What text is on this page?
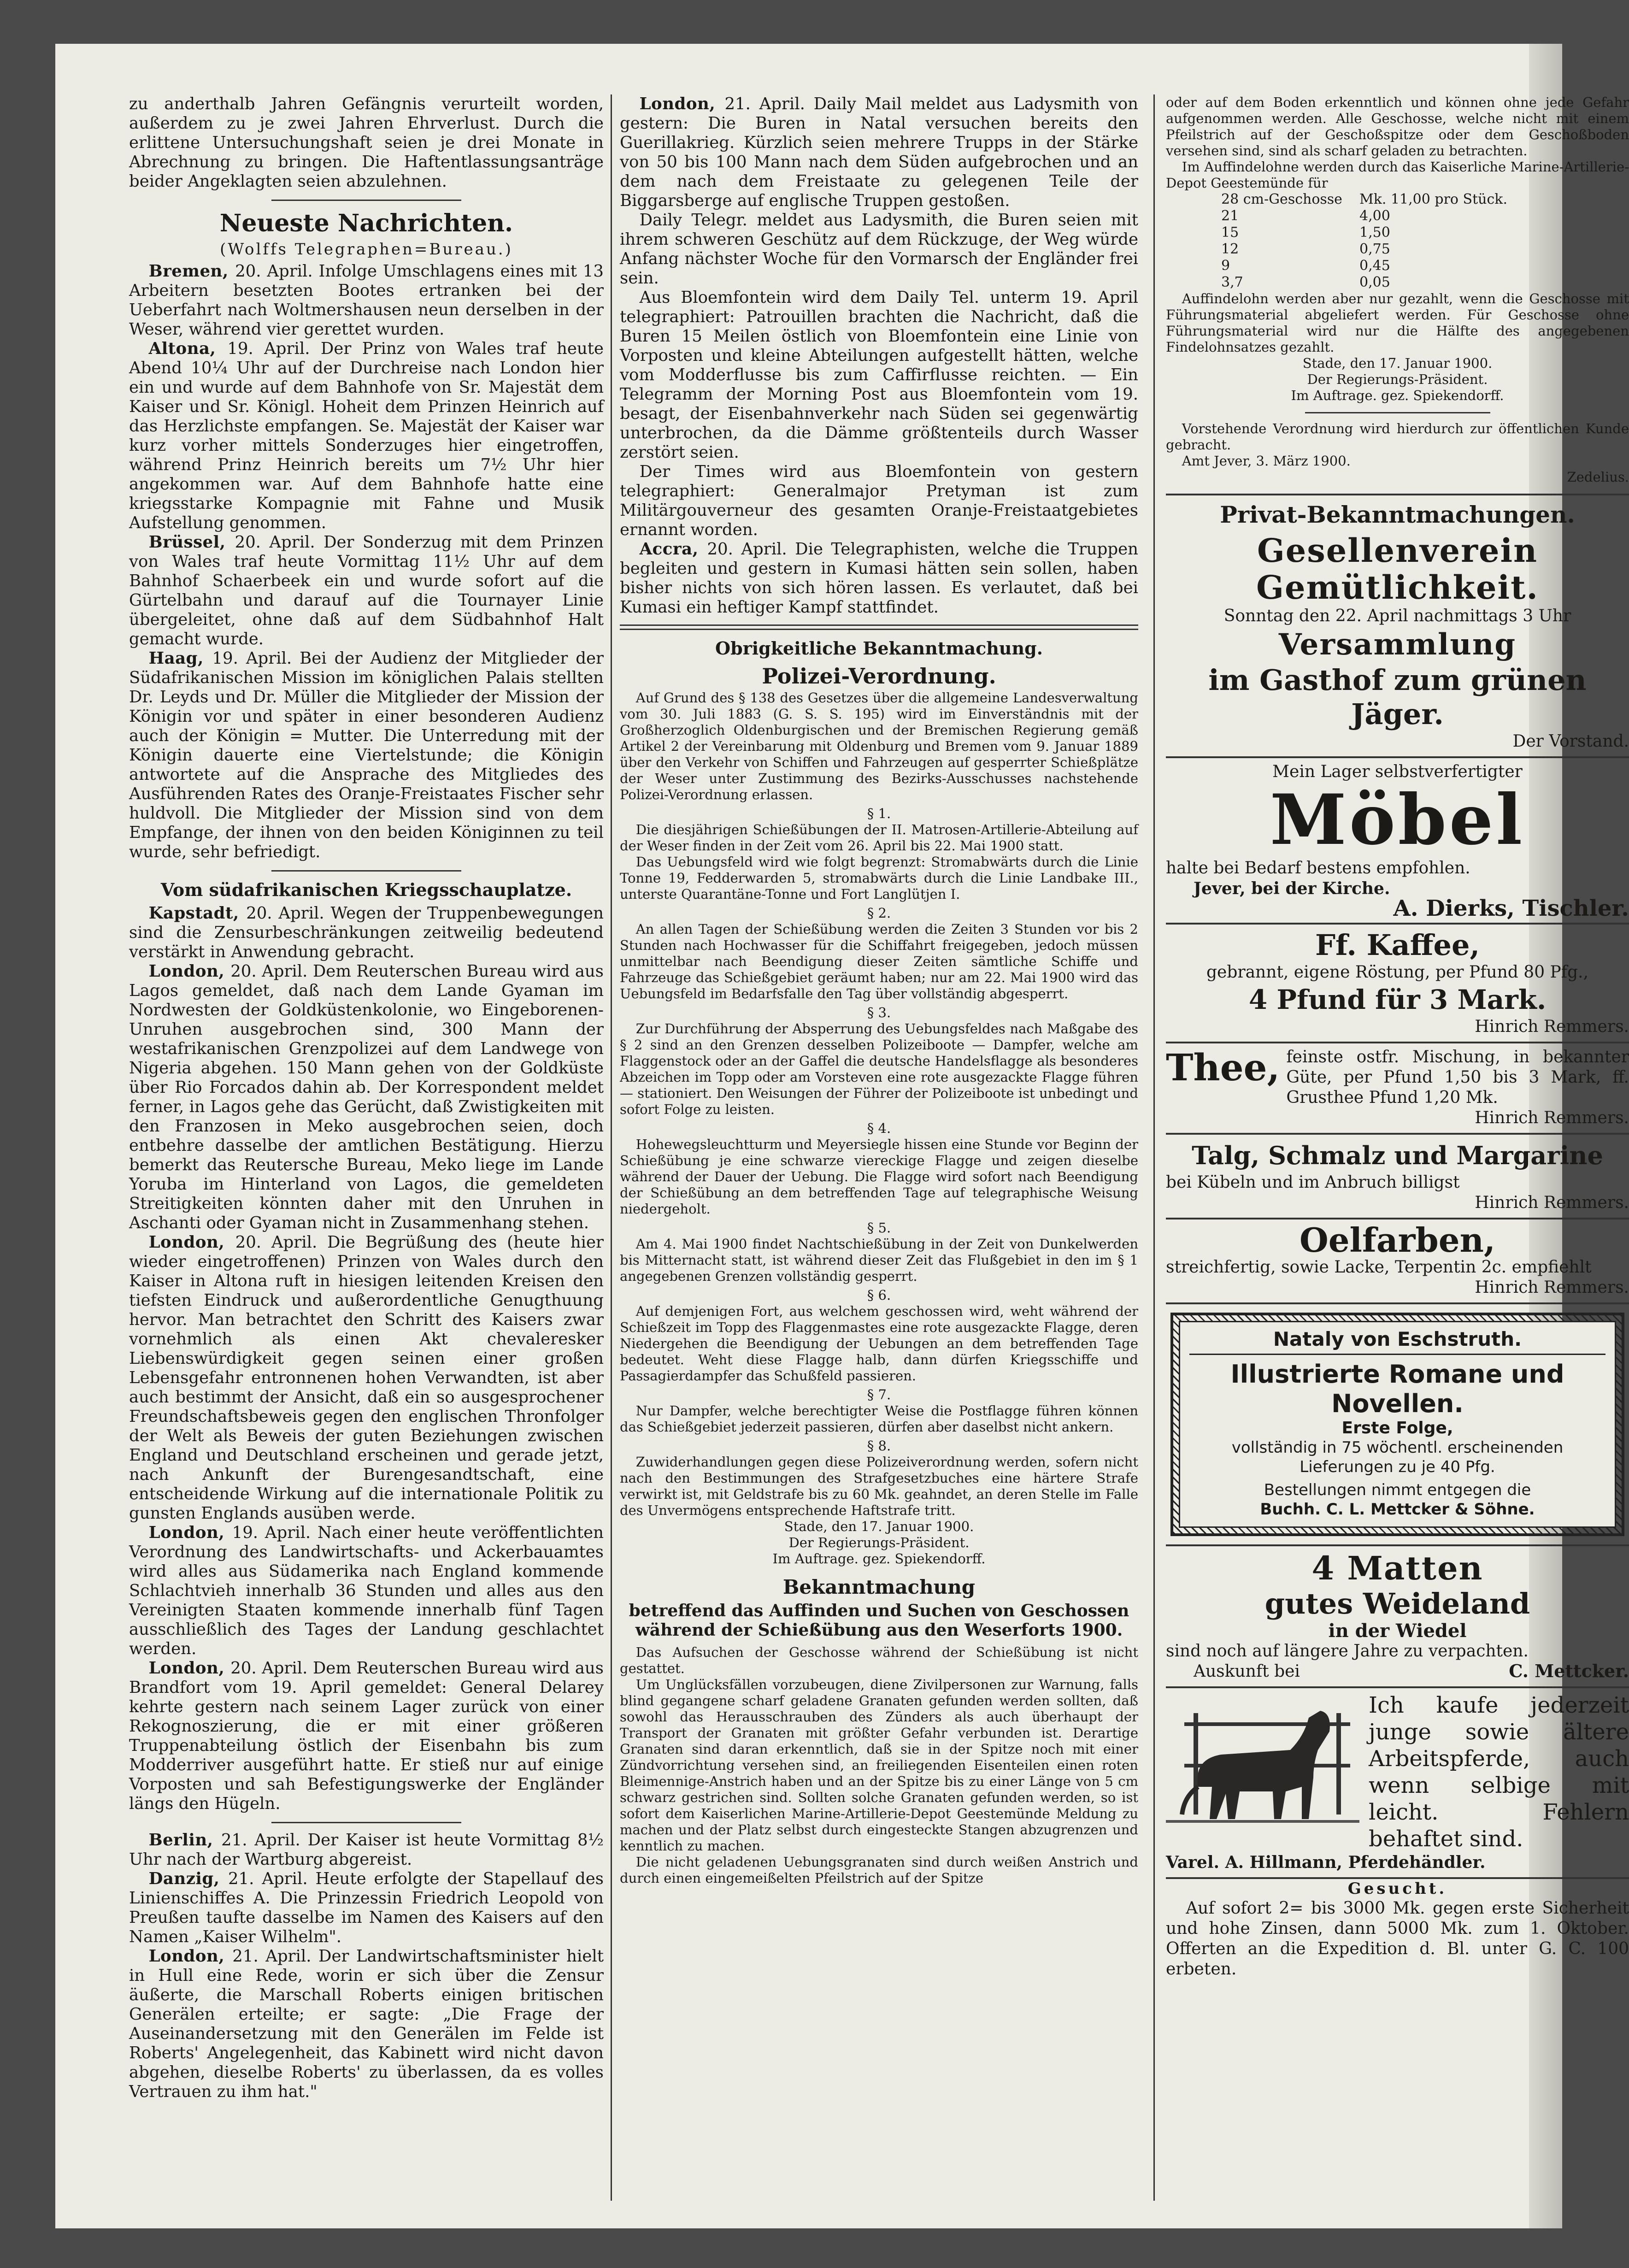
zu anderthalb Jahren Gefängnis verurteilt worden, außerdem zu je zwei Jahren Ehrverlust. Durch die erlittene Untersuchungshaft seien je drei Monate in Abrechnung zu bringen. Die Haftentlassungsanträge beider Angeklagten seien abzulehnen.

Neueste Nachrichten.
(Wolffs Telegraphen=Bureau.)

Bremen, 20. April. Infolge Umschlagens eines mit 13 Arbeitern besetzten Bootes ertranken bei der Ueberfahrt nach Woltmershausen neun derselben in der Weser, während vier gerettet wurden.

Altona, 19. April. Der Prinz von Wales traf heute Abend 10¼ Uhr auf der Durchreise nach London hier ein und wurde auf dem Bahnhofe von Sr. Majestät dem Kaiser und Sr. Königl. Hoheit dem Prinzen Heinrich auf das Herzlichste empfangen. Se. Majestät der Kaiser war kurz vorher mittels Sonderzuges hier eingetroffen, während Prinz Heinrich bereits um 7½ Uhr hier angekommen war. Auf dem Bahnhofe hatte eine kriegsstarke Kompagnie mit Fahne und Musik Aufstellung genommen.

Brüssel, 20. April. Der Sonderzug mit dem Prinzen von Wales traf heute Vormittag 11½ Uhr auf dem Bahnhof Schaerbeek ein und wurde sofort auf die Gürtelbahn und darauf auf die Tournayer Linie übergeleitet, ohne daß auf dem Südbahnhof Halt gemacht wurde.

Haag, 19. April. Bei der Audienz der Mitglieder der Südafrikanischen Mission im königlichen Palais stellten Dr. Leyds und Dr. Müller die Mitglieder der Mission der Königin vor und später in einer besonderen Audienz auch der Königin = Mutter. Die Unterredung mit der Königin dauerte eine Viertelstunde; die Königin antwortete auf die Ansprache des Mitgliedes des Ausführenden Rates des Oranje-Freistaates Fischer sehr huldvoll. Die Mitglieder der Mission sind von dem Empfange, der ihnen von den beiden Königinnen zu teil wurde, sehr befriedigt.

Vom südafrikanischen Kriegsschauplatze.

Kapstadt, 20. April. Wegen der Truppenbewegungen sind die Zensurbeschränkungen zeitweilig bedeutend verstärkt in Anwendung gebracht.

London, 20. April. Dem Reuterschen Bureau wird aus Lagos gemeldet, daß nach dem Lande Gyaman im Nordwesten der Goldküstenkolonie, wo Eingeborenen-Unruhen ausgebrochen sind, 300 Mann der westafrikanischen Grenzpolizei auf dem Landwege von Nigeria abgehen. 150 Mann gehen von der Goldküste über Rio Forcados dahin ab. Der Korrespondent meldet ferner, in Lagos gehe das Gerücht, daß Zwistigkeiten mit den Franzosen in Meko ausgebrochen seien, doch entbehre dasselbe der amtlichen Bestätigung. Hierzu bemerkt das Reutersche Bureau, Meko liege im Lande Yoruba im Hinterland von Lagos, die gemeldeten Streitigkeiten könnten daher mit den Unruhen in Aschanti oder Gyaman nicht in Zusammenhang stehen.

London, 20. April. Die Begrüßung des (heute hier wieder eingetroffenen) Prinzen von Wales durch den Kaiser in Altona ruft in hiesigen leitenden Kreisen den tiefsten Eindruck und außerordentliche Genugthuung hervor. Man betrachtet den Schritt des Kaisers zwar vornehmlich als einen Akt chevaleresker Liebenswürdigkeit gegen seinen einer großen Lebensgefahr entronnenen hohen Verwandten, ist aber auch bestimmt der Ansicht, daß ein so ausgesprochener Freundschaftsbeweis gegen den englischen Thronfolger der Welt als Beweis der guten Beziehungen zwischen England und Deutschland erscheinen und gerade jetzt, nach Ankunft der Burengesandtschaft, eine entscheidende Wirkung auf die internationale Politik zu gunsten Englands ausüben werde.

London, 19. April. Nach einer heute veröffentlichten Verordnung des Landwirtschafts- und Ackerbauamtes wird alles aus Südamerika nach England kommende Schlachtvieh innerhalb 36 Stunden und alles aus den Vereinigten Staaten kommende innerhalb fünf Tagen ausschließlich des Tages der Landung geschlachtet werden.

London, 20. April. Dem Reuterschen Bureau wird aus Brandfort vom 19. April gemeldet: General Delarey kehrte gestern nach seinem Lager zurück von einer Rekognoszierung, die er mit einer größeren Truppenabteilung östlich der Eisenbahn bis zum Modderriver ausgeführt hatte. Er stieß nur auf einige Vorposten und sah Befestigungswerke der Engländer längs den Hügeln.

Berlin, 21. April. Der Kaiser ist heute Vormittag 8½ Uhr nach der Wartburg abgereist.

Danzig, 21. April. Heute erfolgte der Stapellauf des Linienschiffes A. Die Prinzessin Friedrich Leopold von Preußen taufte dasselbe im Namen des Kaisers auf den Namen „Kaiser Wilhelm".

London, 21. April. Der Landwirtschaftsminister hielt in Hull eine Rede, worin er sich über die Zensur äußerte, die Marschall Roberts einigen britischen Generälen erteilte; er sagte: „Die Frage der Auseinandersetzung mit den Generälen im Felde ist Roberts' Angelegenheit, das Kabinett wird nicht davon abgehen, dieselbe Roberts' zu überlassen, da es volles Vertrauen zu ihm hat."

London, 21. April. Daily Mail meldet aus Ladysmith von gestern: Die Buren in Natal versuchen bereits den Guerillakrieg. Kürzlich seien mehrere Trupps in der Stärke von 50 bis 100 Mann nach dem Süden aufgebrochen und an dem nach dem Freistaate zu gelegenen Teile der Biggarsberge auf englische Truppen gestoßen.

Daily Telegr. meldet aus Ladysmith, die Buren seien mit ihrem schweren Geschütz auf dem Rückzuge, der Weg würde Anfang nächster Woche für den Vormarsch der Engländer frei sein.

Aus Bloemfontein wird dem Daily Tel. unterm 19. April telegraphiert: Patrouillen brachten die Nachricht, daß die Buren 15 Meilen östlich von Bloemfontein eine Linie von Vorposten und kleine Abteilungen aufgestellt hätten, welche vom Modderflusse bis zum Caffirflusse reichten. — Ein Telegramm der Morning Post aus Bloemfontein vom 19. besagt, der Eisenbahnverkehr nach Süden sei gegenwärtig unterbrochen, da die Dämme größtenteils durch Wasser zerstört seien.

Der Times wird aus Bloemfontein von gestern telegraphiert: Generalmajor Pretyman ist zum Militärgouverneur des gesamten Oranje-Freistaatgebietes ernannt worden.

Accra, 20. April. Die Telegraphisten, welche die Truppen begleiten und gestern in Kumasi hätten sein sollen, haben bisher nichts von sich hören lassen. Es verlautet, daß bei Kumasi ein heftiger Kampf stattfindet.

Obrigkeitliche Bekanntmachung.
Polizei-Verordnung.

Auf Grund des § 138 des Gesetzes über die allgemeine Landesverwaltung vom 30. Juli 1883 (G. S. S. 195) wird im Einverständnis mit der Großherzoglich Oldenburgischen und der Bremischen Regierung gemäß Artikel 2 der Vereinbarung mit Oldenburg und Bremen vom 9. Januar 1889 über den Verkehr von Schiffen und Fahrzeugen auf gesperrter Schießplätze der Weser unter Zustimmung des Bezirks-Ausschusses nachstehende Polizei-Verordnung erlassen.

§ 1.

Die diesjährigen Schießübungen der II. Matrosen-Artillerie-Abteilung auf der Weser finden in der Zeit vom 26. April bis 22. Mai 1900 statt.

Das Uebungsfeld wird wie folgt begrenzt: Stromabwärts durch die Linie Tonne 19, Fedderwarden 5, stromabwärts durch die Linie Landbake III., unterste Quarantäne-Tonne und Fort Langlütjen I.

§ 2.

An allen Tagen der Schießübung werden die Zeiten 3 Stunden vor bis 2 Stunden nach Hochwasser für die Schiffahrt freigegeben, jedoch müssen unmittelbar nach Beendigung dieser Zeiten sämtliche Schiffe und Fahrzeuge das Schießgebiet geräumt haben; nur am 22. Mai 1900 wird das Uebungsfeld im Bedarfsfalle den Tag über vollständig abgesperrt.

§ 3.

Zur Durchführung der Absperrung des Uebungsfeldes nach Maßgabe des § 2 sind an den Grenzen desselben Polizeiboote — Dampfer, welche am Flaggenstock oder an der Gaffel die deutsche Handelsflagge als besonderes Abzeichen im Topp oder am Vorsteven eine rote ausgezackte Flagge führen — stationiert. Den Weisungen der Führer der Polizeiboote ist unbedingt und sofort Folge zu leisten.

§ 4.

Hohewegsleuchtturm und Meyersiegle hissen eine Stunde vor Beginn der Schießübung je eine schwarze viereckige Flagge und zeigen dieselbe während der Dauer der Uebung. Die Flagge wird sofort nach Beendigung der Schießübung an dem betreffenden Tage auf telegraphische Weisung niedergeholt.

§ 5.

Am 4. Mai 1900 findet Nachtschießübung in der Zeit von Dunkelwerden bis Mitternacht statt, ist während dieser Zeit das Flußgebiet in den im § 1 angegebenen Grenzen vollständig gesperrt.

§ 6.

Auf demjenigen Fort, aus welchem geschossen wird, weht während der Schießzeit im Topp des Flaggenmastes eine rote ausgezackte Flagge, deren Niedergehen die Beendigung der Uebungen an dem betreffenden Tage bedeutet. Weht diese Flagge halb, dann dürfen Kriegsschiffe und Passagierdampfer das Schußfeld passieren.

§ 7.

Nur Dampfer, welche berechtigter Weise die Postflagge führen können das Schießgebiet jederzeit passieren, dürfen aber daselbst nicht ankern.

§ 8.

Zuwiderhandlungen gegen diese Polizeiverordnung werden, sofern nicht nach den Bestimmungen des Strafgesetzbuches eine härtere Strafe verwirkt ist, mit Geldstrafe bis zu 60 Mk. geahndet, an deren Stelle im Falle des Unvermögens entsprechende Haftstrafe tritt.

Stade, den 17. Januar 1900.

Der Regierungs-Präsident.

Im Auftrage. gez. Spiekendorff.

Bekanntmachung
betreffend das Auffinden und Suchen von Geschossen während der Schießübung aus den Weserforts 1900.

Das Aufsuchen der Geschosse während der Schießübung ist nicht gestattet.

Um Unglücksfällen vorzubeugen, diene Zivilpersonen zur Warnung, falls blind gegangene scharf geladene Granaten gefunden werden sollten, daß sowohl das Herausschrauben des Zünders als auch überhaupt der Transport der Granaten mit größter Gefahr verbunden ist. Derartige Granaten sind daran erkenntlich, daß sie in der Spitze noch mit einer Zündvorrichtung versehen sind, an freiliegenden Eisenteilen einen roten Bleimennige-Anstrich haben und an der Spitze bis zu einer Länge von 5 cm schwarz gestrichen sind. Sollten solche Granaten gefunden werden, so ist sofort dem Kaiserlichen Marine-Artillerie-Depot Geestemünde Meldung zu machen und der Platz selbst durch eingesteckte Stangen abzugrenzen und kenntlich zu machen.

Die nicht geladenen Uebungsgranaten sind durch weißen Anstrich und durch einen eingemeißelten Pfeilstrich auf der Spitze

oder auf dem Boden erkenntlich und können ohne jede Gefahr aufgenommen werden. Alle Geschosse, welche nicht mit einem Pfeilstrich auf der Geschoßspitze oder dem Geschoßboden versehen sind, sind als scharf geladen zu betrachten.

Im Auffindelohne werden durch das Kaiserliche Marine-Artillerie-Depot Geestemünde für

28 cm-Geschosse Mk. 11,00 pro Stück.
21	4,00
15	1,50
12	0,75
9	0,45
3,7	0,05

Auffindelohn werden aber nur gezahlt, wenn die Geschosse mit Führungsmaterial abgeliefert werden. Für Geschosse ohne Führungsmaterial wird nur die Hälfte des angegebenen Findelohnsatzes gezahlt.

Stade, den 17. Januar 1900.

Der Regierungs-Präsident.

Im Auftrage. gez. Spiekendorff.

Vorstehende Verordnung wird hierdurch zur öffentlichen Kunde gebracht.

Amt Jever, 3. März 1900.

Zedelius.

Privat-Bekanntmachungen.
Gesellenverein
Gemütlichkeit.
Sonntag den 22. April nachmittags 3 Uhr
Versammlung
im Gasthof zum grünen Jäger.
Der Vorstand.
Mein Lager selbstverfertigter
Möbel
halte bei Bedarf bestens empfohlen.
Jever, bei der Kirche.
A. Dierks, Tischler.
Ff. Kaffee,
gebrannt, eigene Röstung, per Pfund 80 Pfg.,
4 Pfund für 3 Mark.
Hinrich Remmers.
Thee, feinste ostfr. Mischung, in bekannter Güte, per Pfund 1,50 bis 3 Mark, ff. Grusthee Pfund 1,20 Mk.
Hinrich Remmers.
Talg, Schmalz und Margarine
bei Kübeln und im Anbruch billigst
Hinrich Remmers.
Oelfarben,
streichfertig, sowie Lacke, Terpentin 2c. empfiehlt
Hinrich Remmers.
Nataly von Eschstruth.
Illustrierte Romane und Novellen.
Erste Folge,
vollständig in 75 wöchentl. erscheinenden Lieferungen zu je 40 Pfg.
Bestellungen nimmt entgegen die
Buchh. C. L. Mettcker & Söhne.
4 Matten
gutes Weideland
in der Wiedel
sind noch auf längere Jahre zu verpachten.
Auskunft bei	C. Mettcker.
Ich kaufe jederzeit junge sowie ältere Arbeitspferde, auch wenn selbige mit leicht. Fehlern behaftet sind.
Varel. A. Hillmann, Pferdehändler.
Gesucht.

Auf sofort 2= bis 3000 Mk. gegen erste Sicherheit und hohe Zinsen, dann 5000 Mk. zum 1. Oktober. Offerten an die Expedition d. Bl. unter G. C. 100 erbeten.
